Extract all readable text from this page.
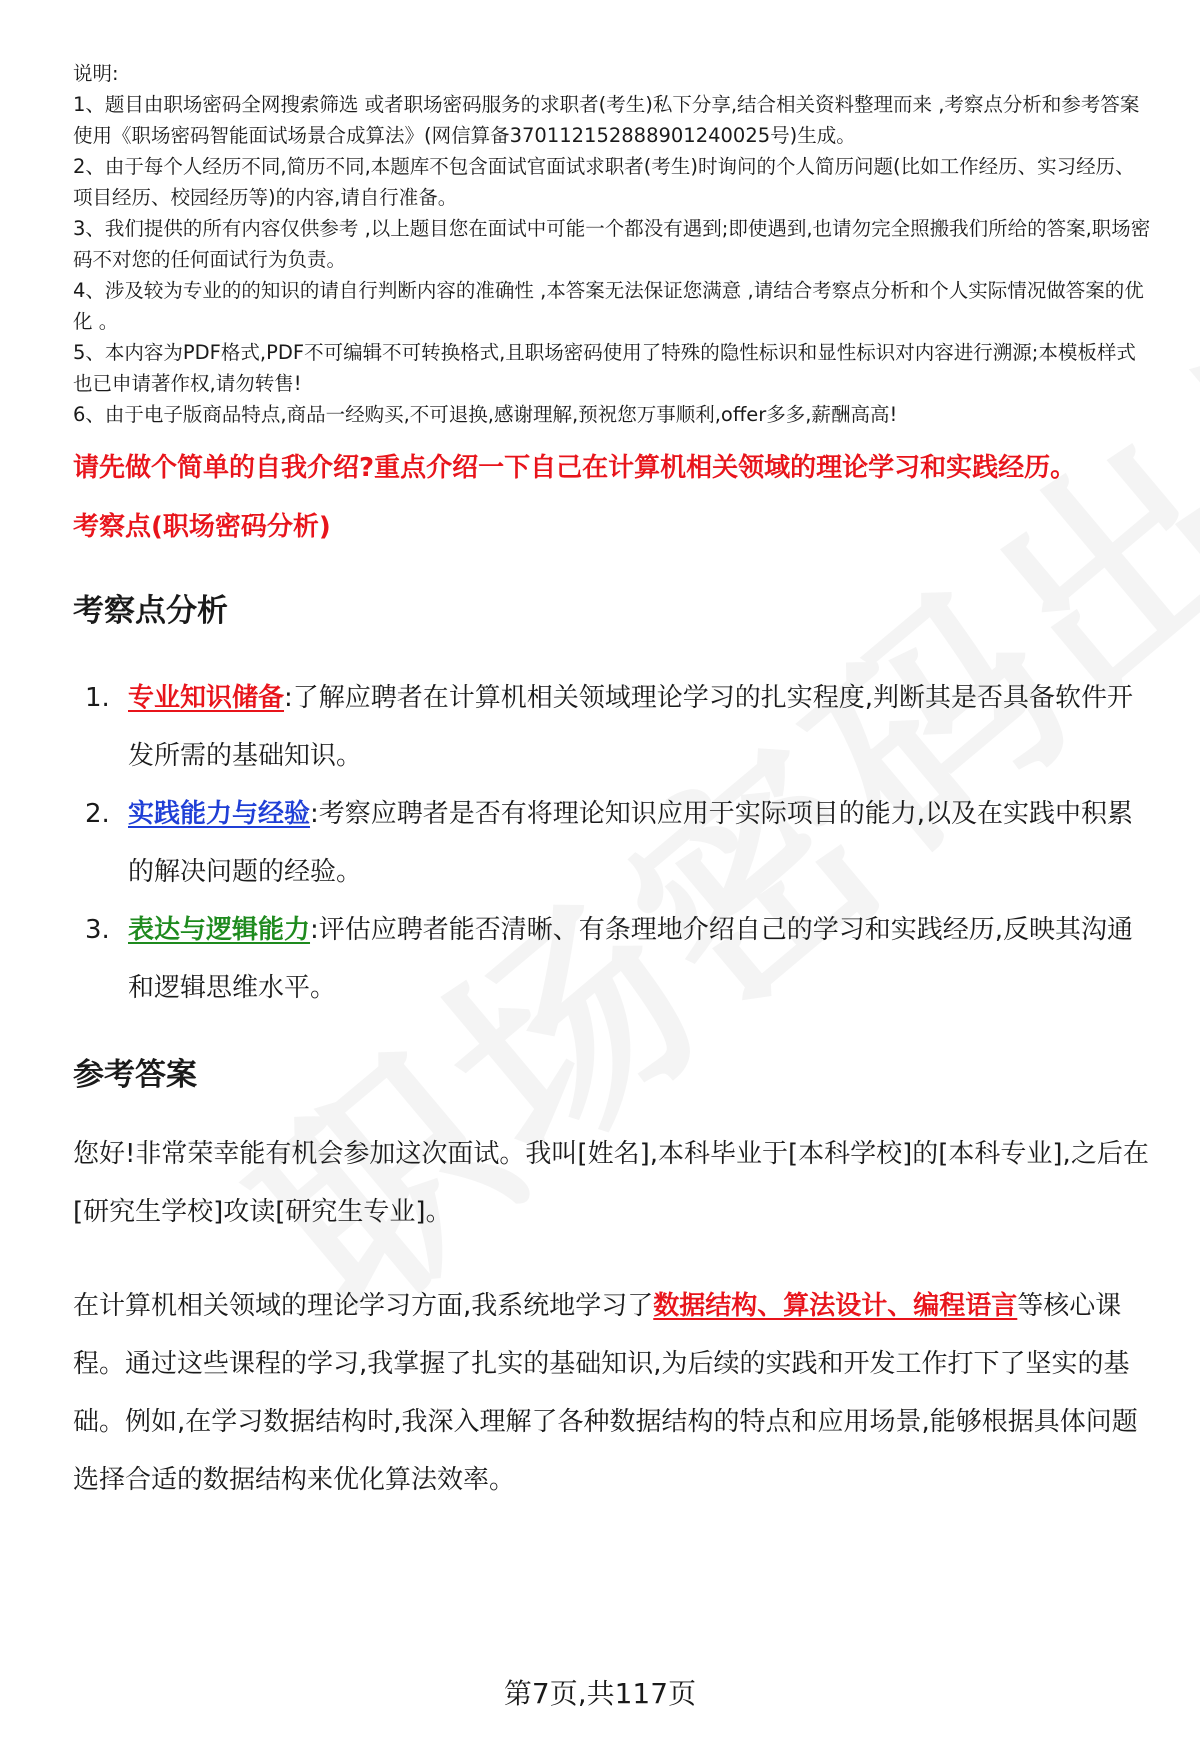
说明:

1、题目由职场密码全网搜索筛选 或者职场密码服务的求职者(考生)私下分享,结合相关资料整理而来 ,考察点分析和参考答案使用《职场密码智能面试场景合成算法》(网信算备370112152888901240025号)生成。

2、由于每个人经历不同,简历不同,本题库不包含面试官面试求职者(考生)时询问的个人简历问题(比如工作经历、实习经历、项目经历、校园经历等)的内容,请自行准备。

3、我们提供的所有内容仅供参考 ,以上题目您在面试中可能一个都没有遇到;即使遇到,也请勿完全照搬我们所给的答案,职场密码不对您的任何面试行为负责。

4、涉及较为专业的的知识的请自行判断内容的准确性 ,本答案无法保证您满意 ,请结合考察点分析和个人实际情况做答案的优化 。

5、本内容为PDF格式,PDF不可编辑不可转换格式,且职场密码使用了特殊的隐性标识和显性标识对内容进行溯源;本模板样式也已申请著作权,请勿转售!

6、由于电子版商品特点,商品一经购买,不可退换,感谢理解,预祝您万事顺利,offer多多,薪酬高高!

请先做个简单的自我介绍?重点介绍一下自己在计算机相关领域的理论学习和实践经历。
考察点(职场密码分析)
考察点分析
1. 专业知识储备:了解应聘者在计算机相关领域理论学习的扎实程度,判断其是否具备软件开发所需的基础知识。
2. 实践能力与经验:考察应聘者是否有将理论知识应用于实际项目的能力,以及在实践中积累的解决问题的经验。
3. 表达与逻辑能力:评估应聘者能否清晰、有条理地介绍自己的学习和实践经历,反映其沟通和逻辑思维水平。
参考答案
您好!非常荣幸能有机会参加这次面试。我叫[姓名],本科毕业于[本科学校]的[本科专业],之后在[研究生学校]攻读[研究生专业]。
在计算机相关领域的理论学习方面,我系统地学习了数据结构、算法设计、编程语言等核心课程。通过这些课程的学习,我掌握了扎实的基础知识,为后续的实践和开发工作打下了坚实的基础。例如,在学习数据结构时,我深入理解了各种数据结构的特点和应用场景,能够根据具体问题选择合适的数据结构来优化算法效率。
第7页,共117页
